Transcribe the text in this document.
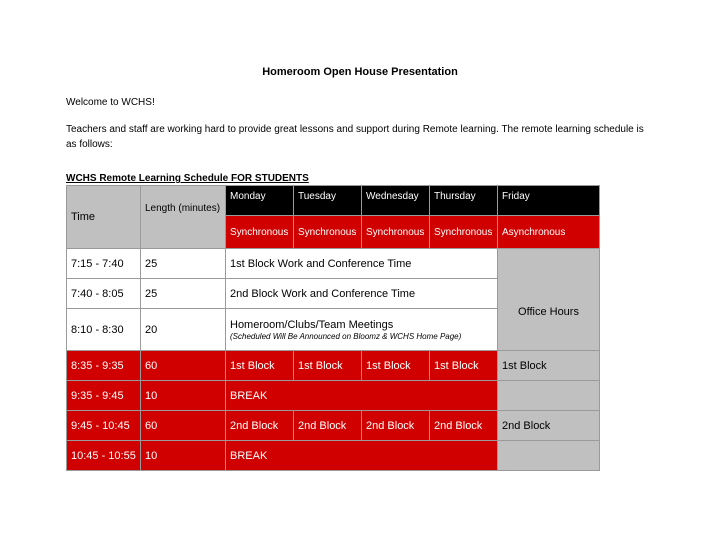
Homeroom Open House Presentation
Welcome to WCHS!
Teachers and staff are working hard to provide great lessons and support during Remote learning. The remote learning schedule is as follows:
WCHS Remote Learning Schedule FOR STUDENTS
Time	Length (minutes)	Monday	Tuesday	Wednesday	Thursday	Friday
		Synchronous	Synchronous	Synchronous	Synchronous	Asynchronous
7:15 - 7:40	25	1st Block Work and Conference Time				Office Hours

7:40 - 8:05	25	2nd Block Work and Conference Time				
8:10 - 8:30	20	Homeroom/Clubs/Team Meetings
(Scheduled Will Be Announced on Bloomz & WCHS Home Page)				

8:35 - 9:35	60	1st Block	1st Block	1st Block	1st Block	1st Block
9:35 - 9:45	10	BREAK				
9:45 - 10:45	60	2nd Block	2nd Block	2nd Block	2nd Block	2nd Block
10:45 - 10:55	10	BREAK				
